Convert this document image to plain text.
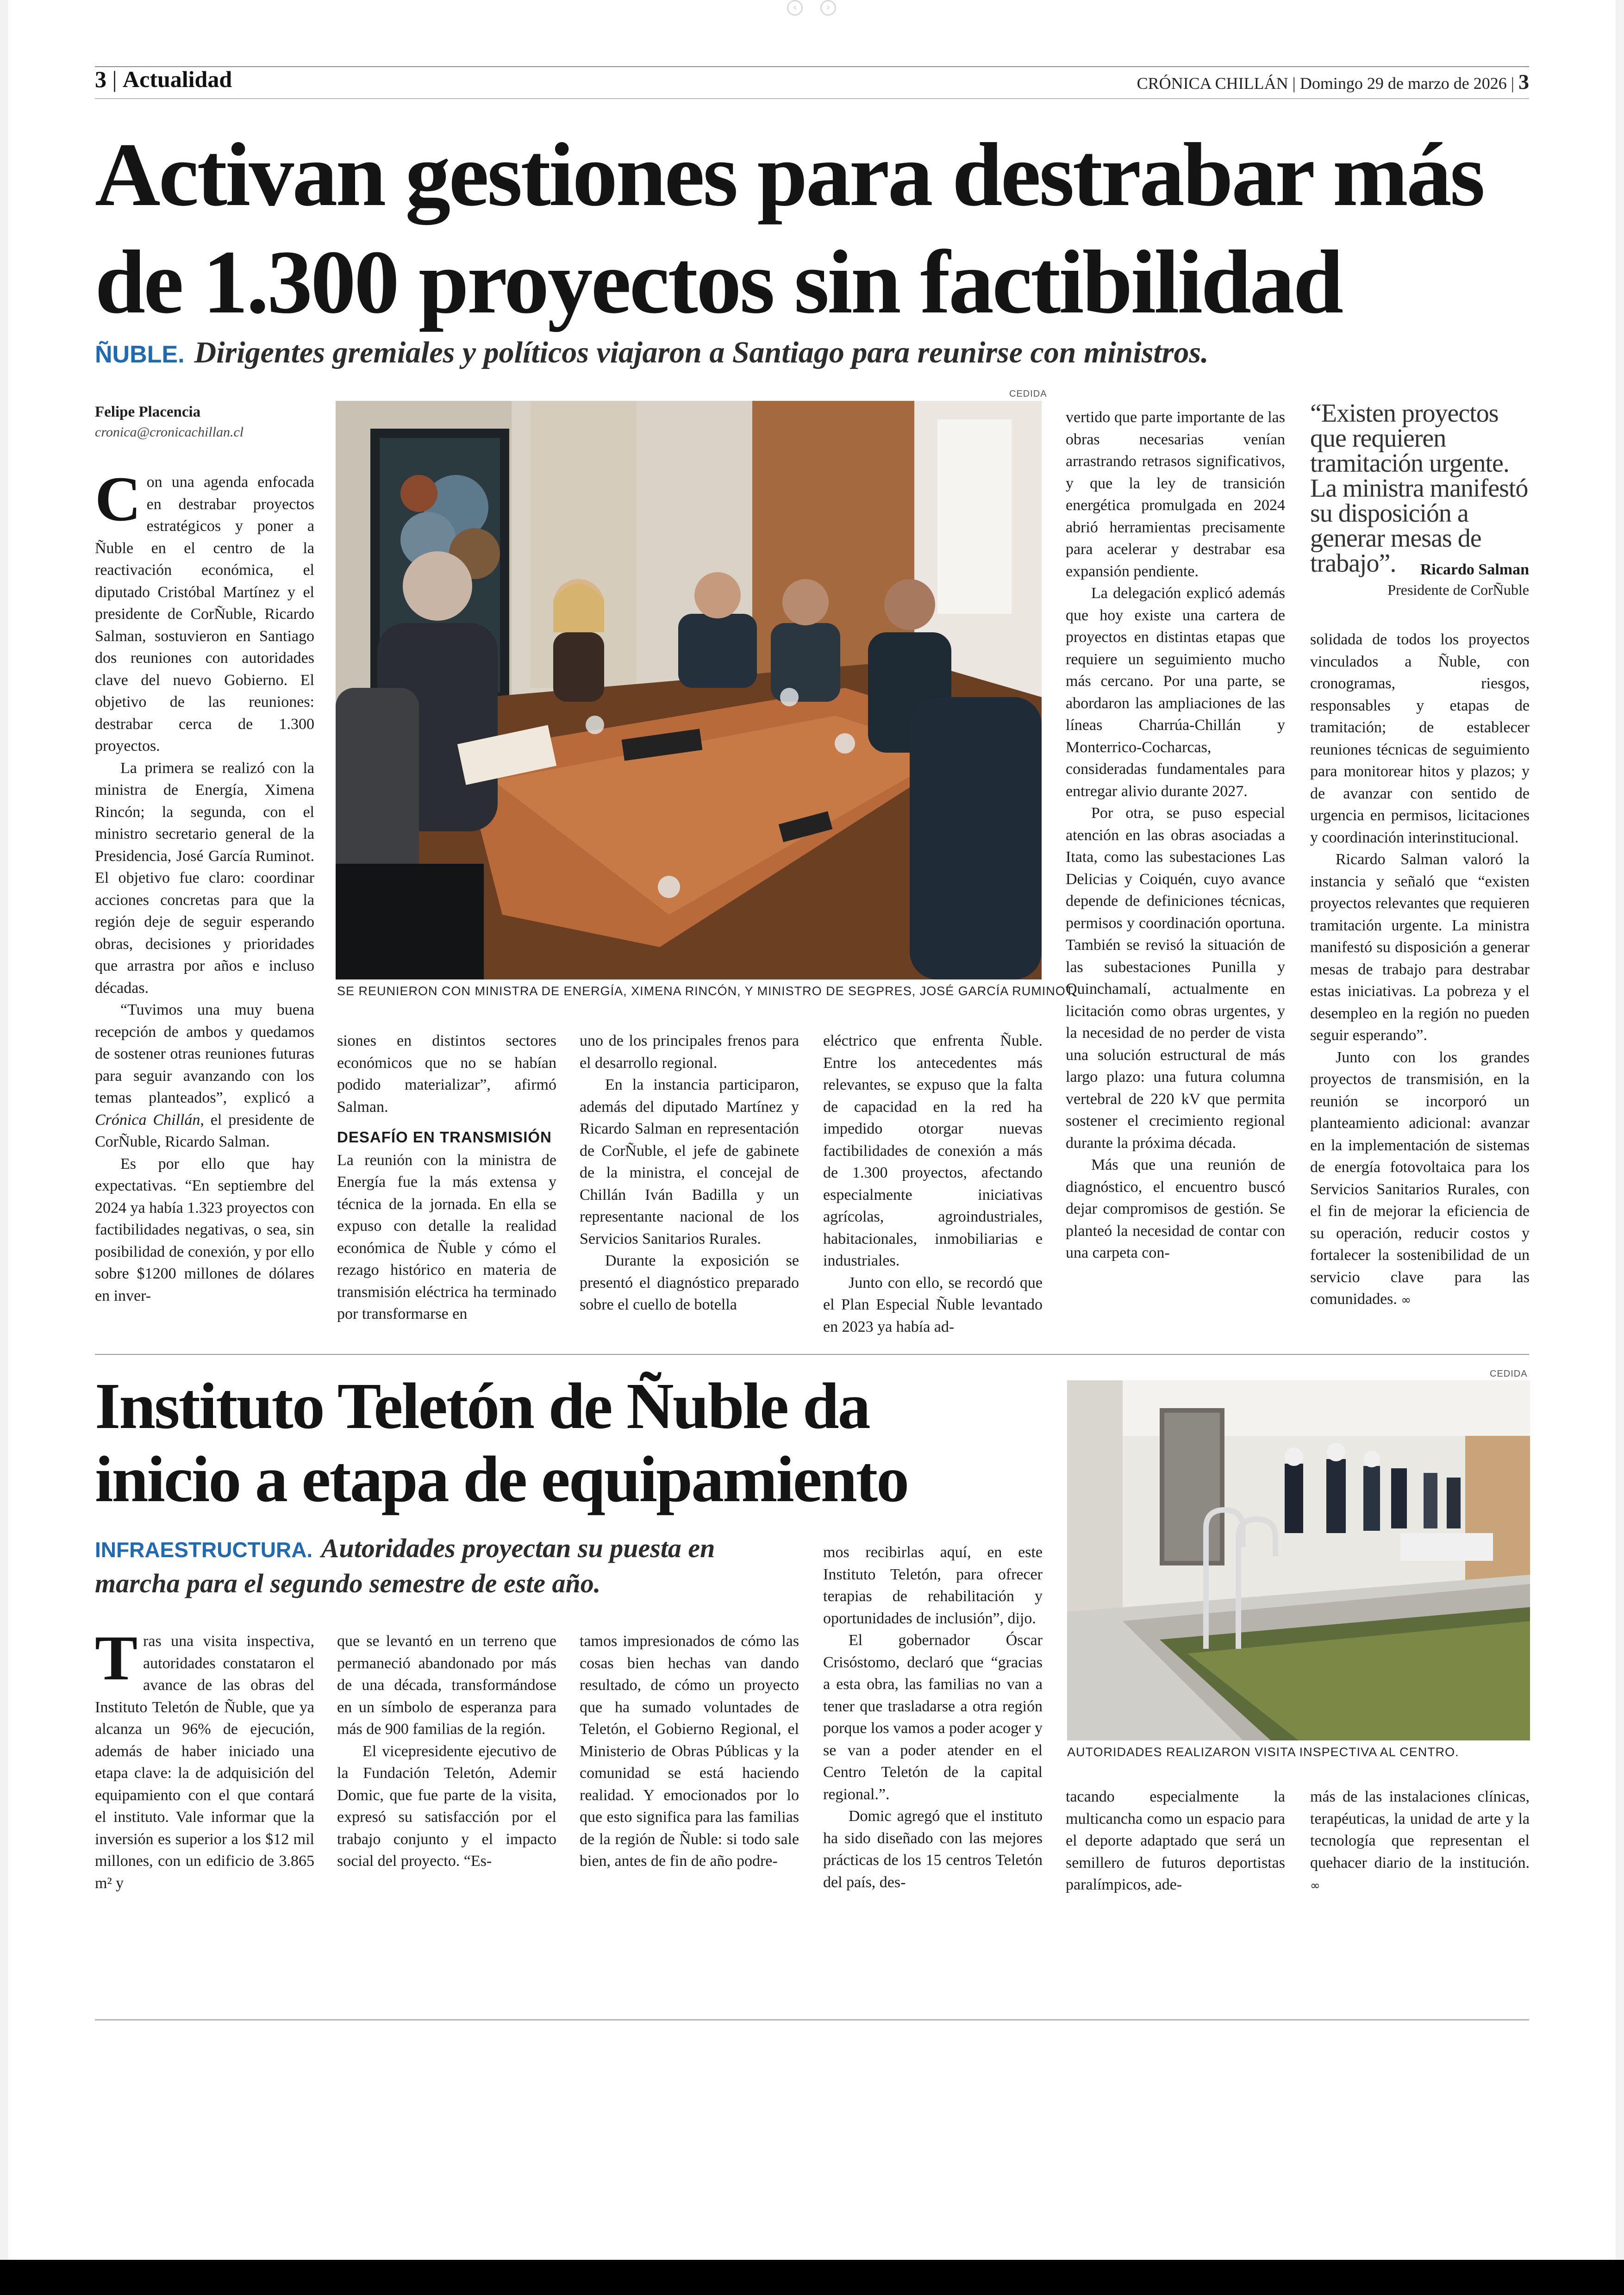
‹	›
3 | Actualidad	CRÓNICA CHILLÁN | Domingo 29 de marzo de 2026 | 3
Activan gestiones para destrabar más
de 1.300 proyectos sin factibilidad
ÑUBLE. Dirigentes gremiales y políticos viajaron a Santiago para reunirse con ministros.
Felipe Placencia
cronica@cronicachillan.cl
CEDIDA
SE REUNIERON CON MINISTRA DE ENERGÍA, XIMENA RINCÓN, Y MINISTRO DE SEGPRES, JOSÉ GARCÍA RUMINOT.

Con una agenda enfocada en destrabar proyectos estratégicos y poner a Ñuble en el centro de la reactivación económica, el diputado Cristóbal Martínez y el presidente de CorÑuble, Ricardo Salman, sostuvieron en Santiago dos reuniones con autoridades clave del nuevo Gobierno. El objetivo de las reuniones: destrabar cerca de 1.300 proyectos.

La primera se realizó con la ministra de Energía, Ximena Rincón; la segunda, con el ministro secretario general de la Presidencia, José García Ruminot. El objetivo fue claro: coordinar acciones concretas para que la región deje de seguir esperando obras, decisiones y prioridades que arrastra por años e incluso décadas.

“Tuvimos una muy buena recepción de ambos y quedamos de sostener otras reuniones futuras para seguir avanzando con los temas planteados”, explicó a Crónica Chillán, el presidente de CorÑuble, Ricardo Salman.

Es por ello que hay expectativas. “En septiembre del 2024 ya había 1.323 proyectos con factibilidades negativas, o sea, sin posibilidad de conexión, y por ello sobre $1200 millones de dólares en inver-

siones en distintos sectores económicos que no se habían podido materializar”, afirmó Salman.

DESAFÍO EN TRANSMISIÓN

La reunión con la ministra de Energía fue la más extensa y técnica de la jornada. En ella se expuso con detalle la realidad económica de Ñuble y cómo el rezago histórico en materia de transmisión eléctrica ha terminado por transformarse en

uno de los principales frenos para el desarrollo regional.

En la instancia participaron, además del diputado Martínez y Ricardo Salman en representación de CorÑuble, el jefe de gabinete de la ministra, el concejal de Chillán Iván Badilla y un representante nacional de los Servicios Sanitarios Rurales.

Durante la exposición se presentó el diagnóstico preparado sobre el cuello de botella

eléctrico que enfrenta Ñuble. Entre los antecedentes más relevantes, se expuso que la falta de capacidad en la red ha impedido otorgar nuevas factibilidades de conexión a más de 1.300 proyectos, afectando especialmente iniciativas agrícolas, agroindustriales, habitacionales, inmobiliarias e industriales.

Junto con ello, se recordó que el Plan Especial Ñuble levantado en 2023 ya había ad-

vertido que parte importante de las obras necesarias venían arrastrando retrasos significativos, y que la ley de transición energética promulgada en 2024 abrió herramientas precisamente para acelerar y destrabar esa expansión pendiente.

La delegación explicó además que hoy existe una cartera de proyectos en distintas etapas que requiere un seguimiento mucho más cercano. Por una parte, se abordaron las ampliaciones de las líneas Charrúa-Chillán y Monterrico-Cocharcas, consideradas fundamentales para entregar alivio durante 2027.

Por otra, se puso especial atención en las obras asociadas a Itata, como las subestaciones Las Delicias y Coiquén, cuyo avance depende de definiciones técnicas, permisos y coordinación oportuna. También se revisó la situación de las subestaciones Punilla y Quinchamalí, actualmente en licitación como obras urgentes, y la necesidad de no perder de vista una solución estructural de más largo plazo: una futura columna vertebral de 220 kV que permita sostener el crecimiento regional durante la próxima década.

Más que una reunión de diagnóstico, el encuentro buscó dejar compromisos de gestión. Se planteó la necesidad de contar con una carpeta con-

“Existen proyectos que requieren tramitación urgente. La ministra manifestó su disposición a generar mesas de trabajo”.	Ricardo Salman
Presidente de CorÑuble

solidada de todos los proyectos vinculados a Ñuble, con cronogramas, riesgos, responsables y etapas de tramitación; de establecer reuniones técnicas de seguimiento para monitorear hitos y plazos; y de avanzar con sentido de urgencia en permisos, licitaciones y coordinación interinstitucional.

Ricardo Salman valoró la instancia y señaló que “existen proyectos relevantes que requieren tramitación urgente. La ministra manifestó su disposición a generar mesas de trabajo para destrabar estas iniciativas. La pobreza y el desempleo en la región no pueden seguir esperando”.

Junto con los grandes proyectos de transmisión, en la reunión se incorporó un planteamiento adicional: avanzar en la implementación de sistemas de energía fotovoltaica para los Servicios Sanitarios Rurales, con el fin de mejorar la eficiencia de su operación, reducir costos y fortalecer la sostenibilidad de un servicio clave para las comunidades. ∞

Instituto Teletón de Ñuble da
inicio a etapa de equipamiento
INFRAESTRUCTURA. Autoridades proyectan su puesta en marcha para el segundo semestre de este año.
CEDIDA
AUTORIDADES REALIZARON VISITA INSPECTIVA AL CENTRO.

Tras una visita inspectiva, autoridades constataron el avance de las obras del Instituto Teletón de Ñuble, que ya alcanza un 96% de ejecución, además de haber iniciado una etapa clave: la de adquisición del equipamiento con el que contará el instituto. Vale informar que la inversión es superior a los $12 mil millones, con un edificio de 3.865 m² y

que se levantó en un terreno que permaneció abandonado por más de una década, transformándose en un símbolo de esperanza para más de 900 familias de la región.

El vicepresidente ejecutivo de la Fundación Teletón, Ademir Domic, que fue parte de la visita, expresó su satisfacción por el trabajo conjunto y el impacto social del proyecto. “Es-

tamos impresionados de cómo las cosas bien hechas van dando resultado, de cómo un proyecto que ha sumado voluntades de Teletón, el Gobierno Regional, el Ministerio de Obras Públicas y la comunidad se está haciendo realidad. Y emocionados por lo que esto significa para las familias de la región de Ñuble: si todo sale bien, antes de fin de año podre-

mos recibirlas aquí, en este Instituto Teletón, para ofrecer terapias de rehabilitación y oportunidades de inclusión”, dijo.

El gobernador Óscar Crisóstomo, declaró que “gracias a esta obra, las familias no van a tener que trasladarse a otra región porque los vamos a poder acoger y se van a poder atender en el Centro Teletón de la capital regional.”.

Domic agregó que el instituto ha sido diseñado con las mejores prácticas de los 15 centros Teletón del país, des-

tacando especialmente la multicancha como un espacio para el deporte adaptado que será un semillero de futuros deportistas paralímpicos, ade-

más de las instalaciones clínicas, terapéuticas, la unidad de arte y la tecnología que representan el quehacer diario de la institución. ∞
